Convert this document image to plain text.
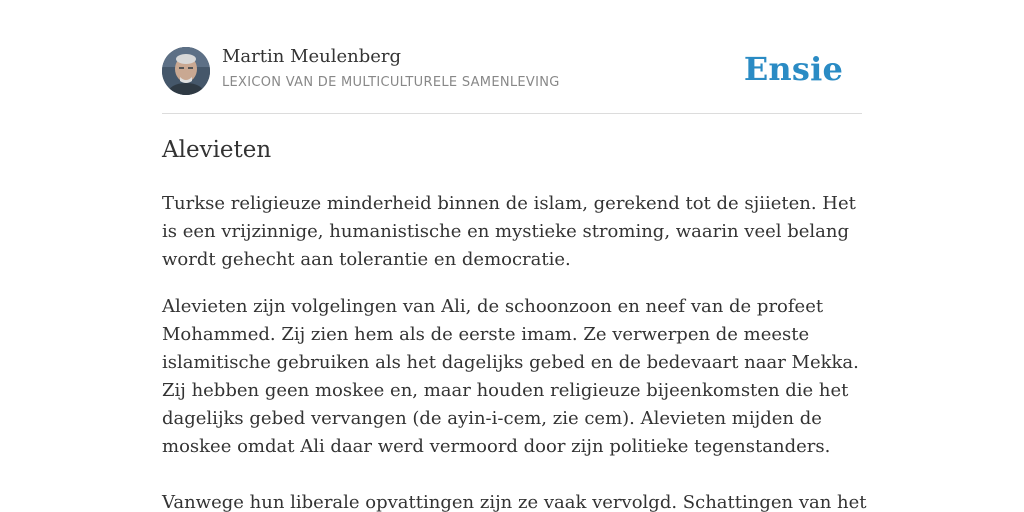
Martin Meulenberg
LEXICON VAN DE MULTICULTURELE SAMENLEVING	Ensie
Alevieten

Turkse religieuze minderheid binnen de islam, gerekend tot de sjiieten. Het is een vrijzinnige, humanistische en mystieke stroming, waarin veel belang wordt gehecht aan tolerantie en democratie.

Alevieten zijn volgelingen van Ali, de schoonzoon en neef van de profeet Mohammed. Zij zien hem als de eerste imam. Ze verwerpen de meeste islamitische gebruiken als het dagelijks gebed en de bedevaart naar Mekka. Zij hebben geen moskee en, maar houden religieuze bijeenkomsten die het dagelijks gebed vervangen (de ayin-i-cem, zie cem). Alevieten mijden de moskee omdat Ali daar werd vermoord door zijn politieke tegenstanders.

Vanwege hun liberale opvattingen zijn ze vaak vervolgd. Schattingen van het
